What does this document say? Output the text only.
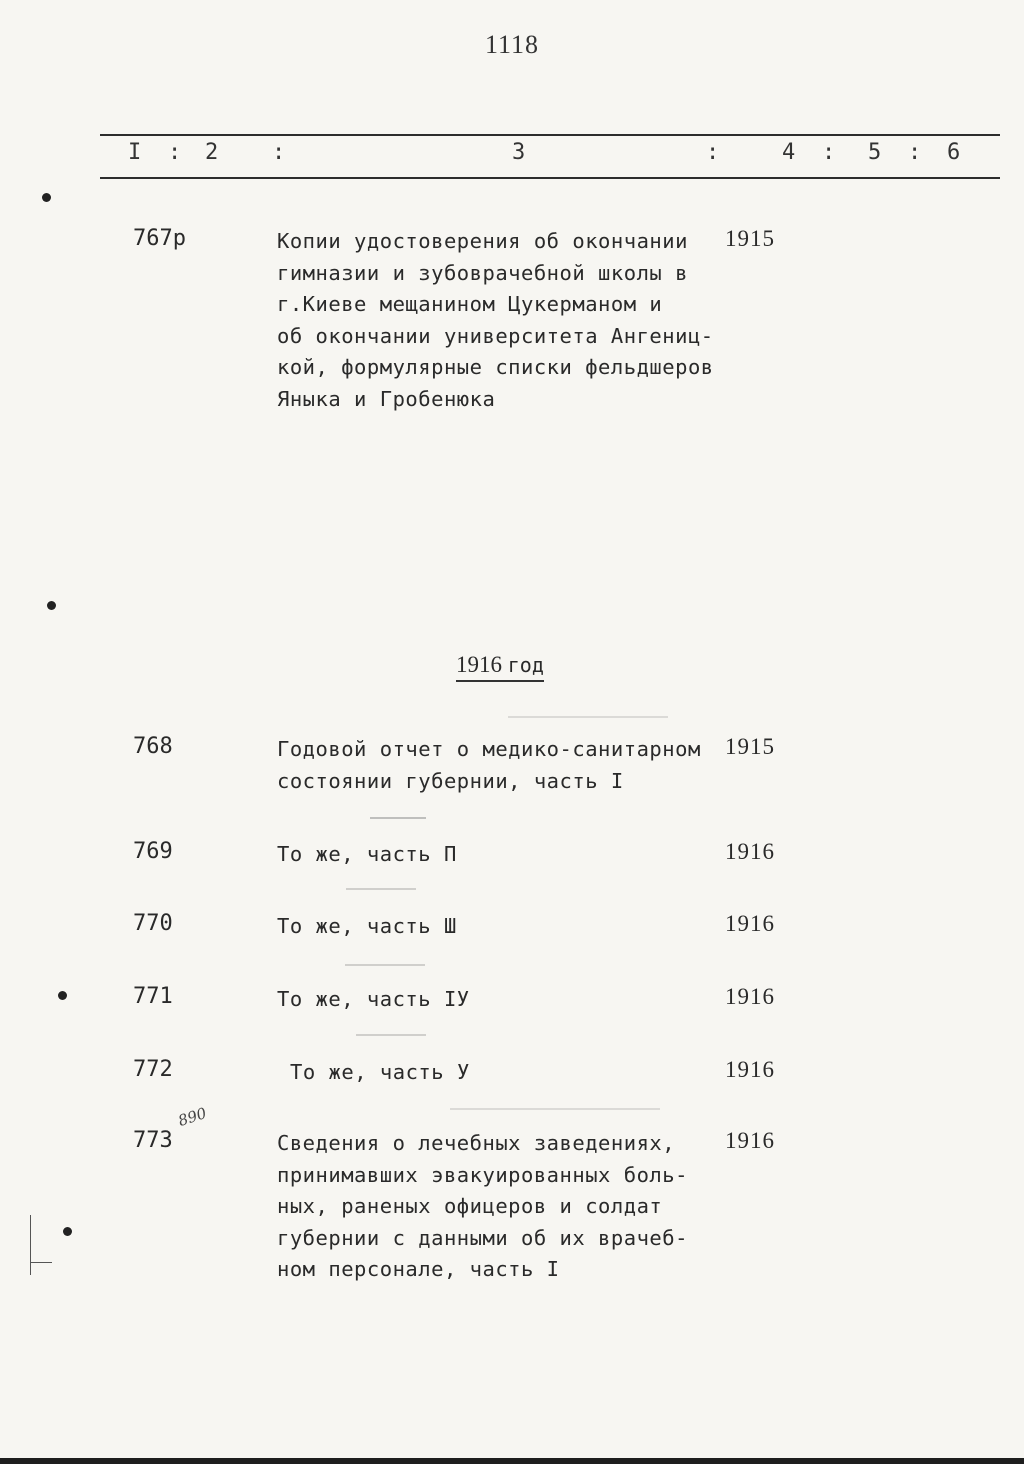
1118
I : 2 :	3	:	4 : 5 : 6
767р	Копии удостоверения об окончании
гимназии и зубоврачебной школы в
г.Киеве мещанином Цукерманом и
об окончании университета Ангениц-
кой, формулярные списки фельдшеров
Яныка и Гробенюка
1915
1916 год
768	Годовой отчет о медико-санитарном
состоянии губернии, часть I
1915
769	То же, часть П	1916
770	То же, часть Ш	1916
771	То же, часть IУ	1916
772	То же, часть У	1916
773	Сведения о лечебных заведениях,
принимавших эвакуированных боль-
ных, раненых офицеров и солдат
губернии с данными об их врачеб-
ном персонале, часть I
1916
890
